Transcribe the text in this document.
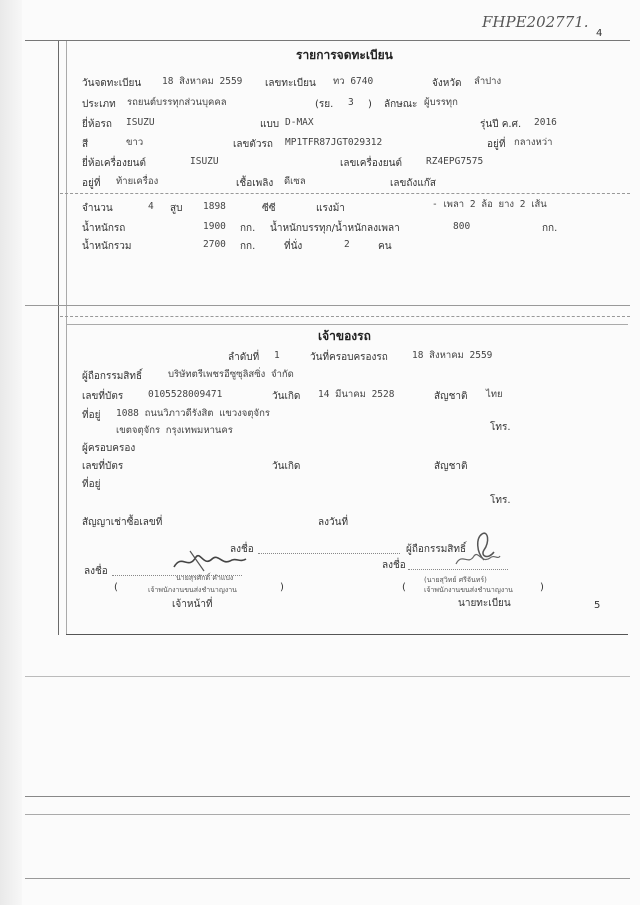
FHPE202771.
4
รายการจดทะเบียน
วันจดทะเบียน 18 สิงหาคม 2559 เลขทะเบียน ทว 6740	จังหวัด ลำปาง
ประเภท รถยนต์บรรทุกส่วนบุคคล	(รย. 3 ) ลักษณะ ผู้บรรทุก
ยี่ห้อรถ ISUZU	แบบ D-MAX	รุ่นปี ค.ศ. 2016
สี	ขาว	เลขตัวรถ MP1TFR87JGT029312	อยู่ที่ กลางหว่า
ยี่ห้อเครื่องยนต์	ISUZU	เลขเครื่องยนต์	RZ4EPG7575
อยู่ที่ ท้ายเครื่อง	เชื้อเพลิง ดีเซล	เลขถังแก๊ส
จำนวน	4 สูบ 1898	ซีซี	แรงม้า	- เพลา 2 ล้อ ยาง 2 เส้น
น้ำหนักรถ	1900 กก. น้ำหนักบรรทุก/น้ำหนักลงเพลา	800	กก.
น้ำหนักรวม	2700 กก.	ที่นั่ง	2	คน
เจ้าของรถ
ลำดับที่ 1	วันที่ครอบครองรถ	18 สิงหาคม 2559
ผู้ถือกรรมสิทธิ์	บริษัทตรีเพชรอีซูซุลิสซิ่ง จำกัด
เลขที่บัตร	0105528009471	วันเกิด 14 มีนาคม 2528	สัญชาติ ไทย
ที่อยู่ 1088 ถนนวิภาวดีรังสิต แขวงจตุจักร
เขตจตุจักร กรุงเทพมหานคร	โทร.
ผู้ครอบครอง
เลขที่บัตร	วันเกิด	สัญชาติ
ที่อยู่
โทร.
สัญญาเช่าซื้อเลขที่	ลงวันที่
ลงชื่อ	ผู้ถือกรรมสิทธิ์
ลงชื่อ
นายสุรศักดิ์ คำแปง
(	เจ้าพนักงานขนส่งชำนาญงาน	)
เจ้าหน้าที่
ลงชื่อ
(นายสุวิทย์ ศรีจันทร์)
(	เจ้าพนักงานขนส่งชำนาญงาน	)
นายทะเบียน	5
